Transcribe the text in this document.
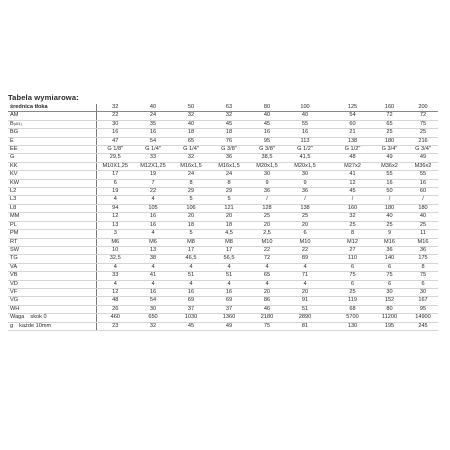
Tabela wymiarowa:
średnica tłoka	32	40	50	63	80	100		125	160	200
AM	22	24	32	32	40	40		54	72	72
B(d11)	30	35	40	45	45	55		60	65	75
BG	16	16	18	18	16	16		21	25	25
E	47	54	65	76	95	113		138	180	216
EE	G 1/8"	G 1/4"	G 1/4"	G 3/8"	G 3/8"	G 1/2"		G 1/2"	G 3/4"	G 3/4"
G	29,5	33	32	36	38,5	41,5		48	49	49
KK	M10X1,25	M12X1,25	M16x1,5	M16x1,5	M20x1,5	M20x1,5		M27x2	M36x2	M36x2
KV	17	19	24	24	30	30		41	55	55
KW	6	7	8	8	9	9		12	16	16
L2	19	22	29	29	36	36		45	50	60
L3	4	4	5	5	/	/		/	/	/
L8	94	105	106	121	128	138		160	180	180
MM	12	16	20	20	25	25		32	40	40
PL	13	16	18	18	20	20		25	25	25
PM	3	4	5	4,5	2,5	6		8	9	11
RT	M6	M6	M8	M8	M10	M10		M12	M16	M16
SW	10	13	17	17	22	22		27	36	36
TG	32,5	38	46,5	56,5	72	89		110	140	175
VA	4	4	4	4	4	4		6	6	8
VB	33	41	51	51	65	71		75	75	75
VD	4	4	4	4	4	4		6	6	6
VF	12	16	16	16	20	20		25	30	30
VG	48	54	69	69	86	91		119	152	167
WH	26	30	37	37	46	51		68	80	95
Waga skok 0	460	650	1030	1360	2180	2890		5700	11200	14900
g każde 10mm	23	32	45	49	75	81		130	195	245
